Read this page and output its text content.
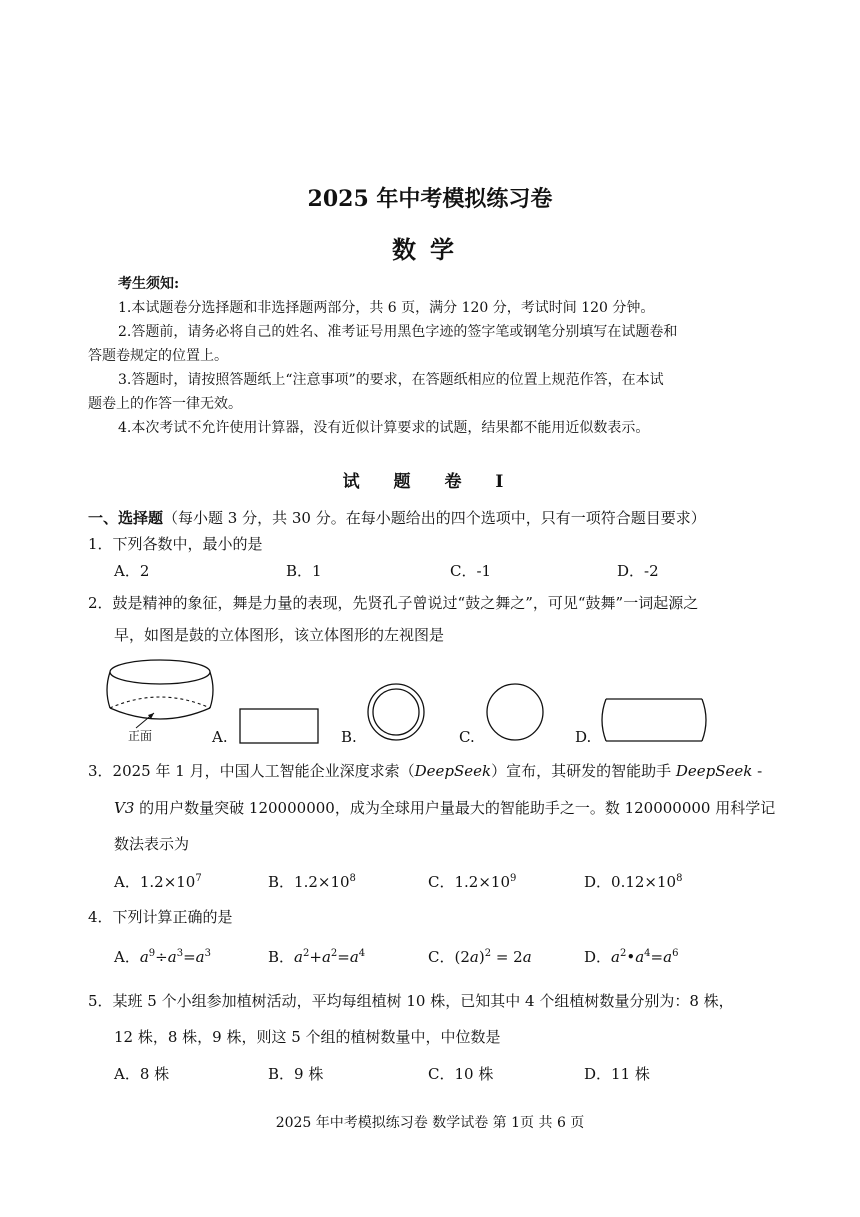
2025 年中考模拟练习卷
数学
考生须知:
1.本试题卷分选择题和非选择题两部分，共 6 页，满分 120 分，考试时间 120 分钟。
2.答题前，请务必将自己的姓名、准考证号用黑色字迹的签字笔或钢笔分别填写在试题卷和
答题卷规定的位置上。
3.答题时，请按照答题纸上“注意事项”的要求，在答题纸相应的位置上规范作答，在本试
题卷上的作答一律无效。
4.本次考试不允许使用计算器，没有近似计算要求的试题，结果都不能用近似数表示。
试 题 卷 I
一、选择题（每小题 3 分，共 30 分。在每小题给出的四个选项中，只有一项符合题目要求）
1．下列各数中，最小的是
A．2	B．1	C．-1	D．-2
2．鼓是精神的象征，舞是力量的表现，先贤孔子曾说过“鼓之舞之”，可见“鼓舞”一词起源之
早，如图是鼓的立体图形，该立体图形的左视图是
正面	A.	B.	C.	D.
3．2025 年 1 月，中国人工智能企业深度求索（DeepSeek）宣布，其研发的智能助手 DeepSeek -
V3 的用户数量突破 120000000，成为全球用户量最大的智能助手之一。数 120000000 用科学记
数法表示为
A．$1.2\times 10^7$	B．$1.2\times 10^8$	C．$1.2\times 10^9$	D．$0.12\times 10^8$
4．下列计算正确的是
A．$a^9\div a^3=a^3$	B．$a^2+a^2=a^4$	C．$(2a)^2 = 2a$	D．$a^2•a^4=a^6$
5．某班 5 个小组参加植树活动，平均每组植树 10 株，已知其中 4 个组植树数量分别为：8 株，
12 株，8 株，9 株，则这 5 个组的植树数量中，中位数是
A．8 株	B．9 株	C．10 株	D．11 株
2025 年中考模拟练习卷 数学试卷 第 1页 共 6 页
